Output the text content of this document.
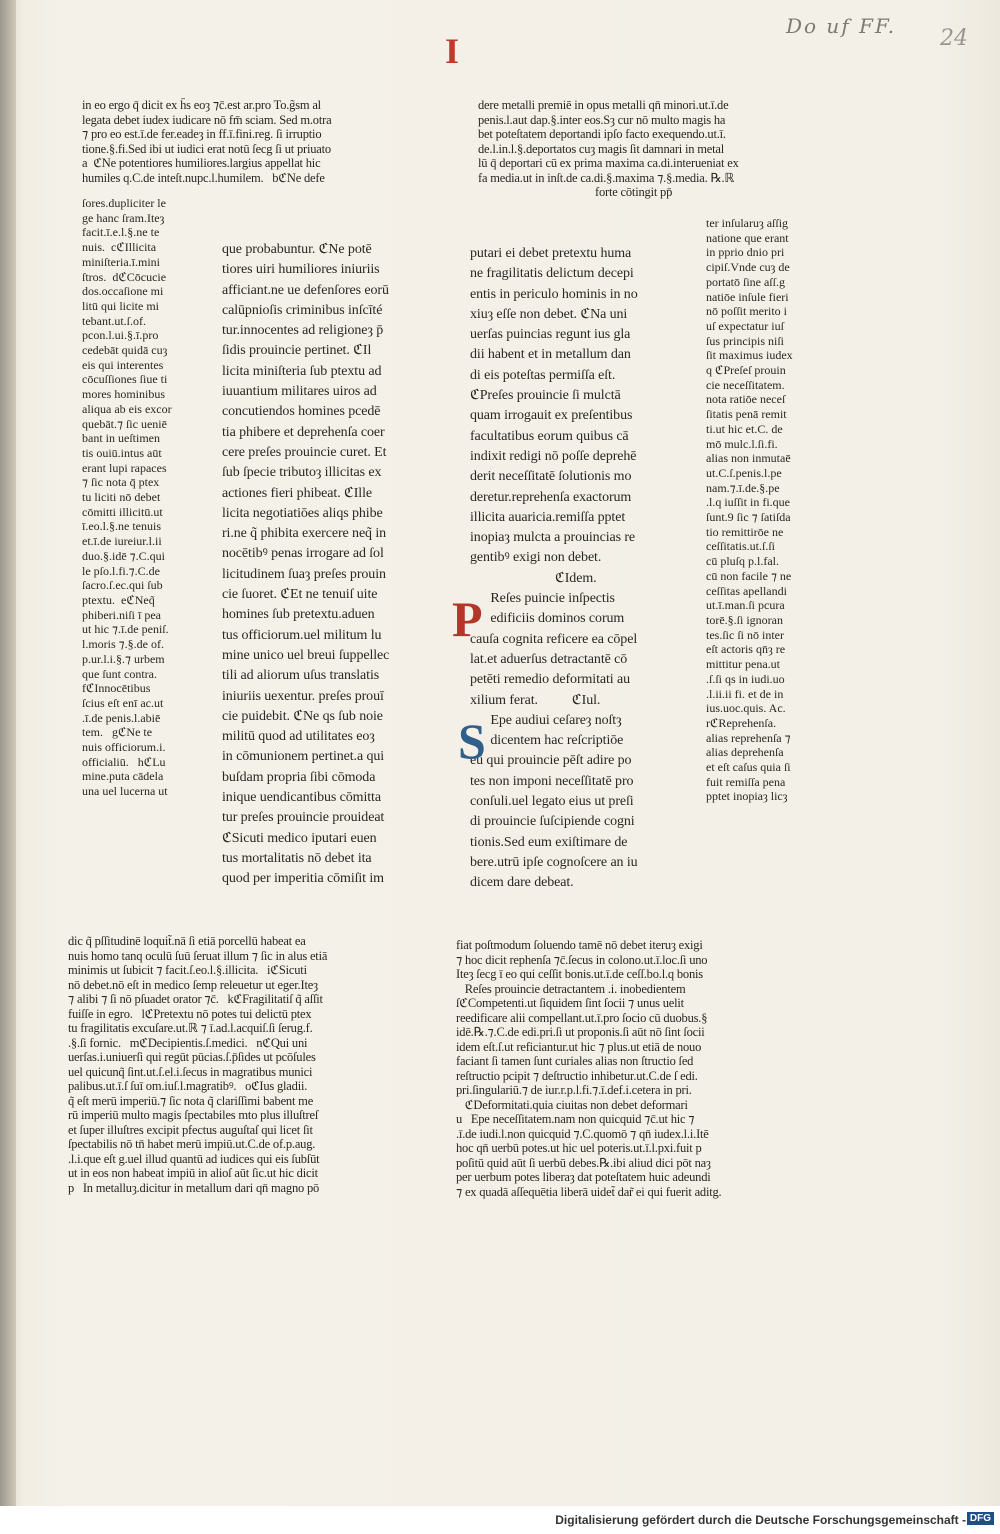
Do uf FF. 24
I
in eo ergo q̄ dicit ex h̄s eoȝ ⁊c̄.est ar.pro To.g̃sm al
legata debet iudex iudicare nō fm̄ sciam. Sed m.otra
⁊ pro eo est.ī.de fer.eadeȝ in ff.ī.fini.reg. ſi irruptio
tione.§.fi.Sed ibi ut iudici erat notū ſecg ſi ut priuato
a  ℭNe potentiores humiliores.largius appellat hic
humiles q.C.de inteſt.nupc.l.humilem.   bℭNe defe
dere metalli premiē in opus metalli qn̄ minori.ut.ī.de
penis.l.aut dap.§.inter eos.Sȝ cur nō multo magis ha
bet poteſtatem deportandi ipſo facto exequendo.ut.ī.
de.l.in.l.§.deportatos cuȝ magis ſit damnari in metal
lū q̄ deportari cū ex prima maxima ca.di.interueniat ex
fa media.ut in inſt.de ca.di.§.maxima ⁊.§.media. ℞.ℝ
forte cōtingit pp̄
ſores.dupliciter le
ge hanc ſram.Iteȝ
facit.ī.e.l.§.ne te
nuis.  cℭIllicita
miniſteria.ī.mini
ſtros.  dℭCōcucie
dos.occaſione mi
litū qui licite mi
tebant.ut.ſ.of.
pcon.l.ui.§.ī.pro
cedebāt quidā cuȝ
eis qui interentes
cōcuſſiones ſiue ti
mores hominibus
aliqua ab eis excor
quebāt.⁊ ſic ueniē
bant in ueſtimen
tis ouiū.intus aūt
erant lupi rapaces
⁊ ſic nota q̄ ptex
tu liciti nō debet
cōmitti illicitū.ut
ī.eo.l.§.ne tenuis
et.ī.de iureiur.l.ii
duo.§.idē ⁊.C.qui
le pſo.l.fi.⁊.C.de
ſacro.ſ.ec.qui ſub
ptextu.  eℭNeq̃
phiberi.niſi ī pea
ut hic ⁊.ī.de peniſ.
l.moris ⁊.§.de of.
p.ur.l.i.§.⁊ urbem
que ſunt contra.
fℭInnocētibus
ſcius eſt enī ac.ut
.ī.de penis.l.abiē
tem.   gℭNe te
nuis officiorum.i.
officialiū.   hℭLu
mine.puta cādela
una uel lucerna ut
que probabuntur. ℭNe potē
tiores uiri humiliores iniuriis
afficiant.ne ue defenſores eorū
calūpnioſis criminibus inſcīté
tur.innocentes ad religioneȝ p̄
ſidis prouincie pertinet. ℭIl
licita miniſteria ſub ptextu ad
iuuantium militares uiros ad
concutiendos homines pcedē
tia phibere et deprehenſa coer
cere preſes prouincie curet. Et
ſub ſpecie tributoȝ illicitas ex
actiones fieri phibeat. ℭIlle
licita negotiatiōes aliqs phibe
ri.ne q̃ phibita exercere neq̃ in
nocētibꝰ penas irrogare ad ſol
licitudinem ſuaȝ preſes prouin
cie ſuoret. ℭEt ne tenuiſ uite
homines ſub pretextu.aduen
tus officiorum.uel militum lu
mine unico uel breui ſuppellec
tili ad aliorum uſus translatis
iniuriis uexentur. preſes prouī
cie puidebit. ℭNe qs ſub noie
militū quod ad utilitates eoȝ
in cōmunionem pertinet.a qui
buſdam propria ſibi cōmoda
inique uendicantibus cōmitta
tur preſes prouincie prouideat
ℭSicuti medico iputari euen
tus mortalitatis nō debet ita
quod per imperitia cōmiſit im
putari ei debet pretextu huma
ne fragilitatis delictum decepi
entis in periculo hominis in no
xiuȝ eſſe non debet. ℭNa uni
uerſas puincias regunt ius gla
dii habent et in metallum dan
di eis poteſtas permiſſa eſt.
ℭPreſes prouincie ſi mulctā
quam irrogauit ex preſentibus
facultatibus eorum quibus cā
indixit redigi nō poſſe deprehē
derit neceſſitatē ſolutionis mo
deretur.reprehenſa exactorum
illicita auaricia.remiſſa pptet
inopiaȝ mulcta a prouincias re
gentibꝰ exigi non debet.
ℭIdem.
Reſes puincie inſpectis
edificiis dominos corum
cauſa cognita reficere ea cōpel
lat.et aduerſus detractantē cō
petēti remedio deformitati au
xilium ferat.          ℭIul.
Epe audiui ceſareȝ noſtȝ
dicentem hac reſcriptiōe
eū qui prouincie pēſt adire po
tes non imponi neceſſitatē pro
conſuli.uel legato eius ut preſi
di prouincie ſuſcipiende cogni
tionis.Sed eum exiſtimare de
bere.utrū ipſe cognoſcere an iu
dicem dare debeat.
ter inſularuȝ aſſig
natione que erant
in pprio dnio pri
cipiſ.Vnde cuȝ de
portatō ſine aſſ.g
natiōe inſule fieri
nō poſſit merito i
uſ expectatur iuſ
ſus principis niſi
ſit maximus iudex
q ℭPreſeſ prouin
cie neceſſitatem.
nota ratiōe neceſ
ſitatis penā remit
ti.ut hic et.C. de
mō mulc.l.ſi.fi.
alias non inmutaē
ut.C.ſ.penis.l.pe
nam.⁊.ī.de.§.pe
.l.q iuſſit in fi.que
ſunt.9 ſic ⁊ ſatiſda
tio remittirōe ne
ceſſitatis.ut.ſ.ſi
cū pluſq p.l.fal.
cū non facile ⁊ ne
ceſſitas apellandi
ut.ī.man.ſi pcura
torē.§.ſi ignoran
tes.ſic ſi nō inter
eſt actoris qn̄ȝ re
mittitur pena.ut
.ſ.ſi qs in iudi.uo
.l.ii.ii fi. et de in
ius.uoc.quis. Ac.
rℭReprehenſa.
alias reprehenſa ⁊
alias deprehenſa
et eſt caſus quia ſi
fuit remiſſa pena
pptet inopiaȝ licȝ
dic q̃ pſſitudinē loquit̃.nā ſi etiā porcellū habeat ea
nuis homo tanq oculū ſuū ſeruat illum ⁊ ſic in alus etiā
minimis ut ſubicit ⁊ facit.ſ.eo.l.§.illicita.   iℭSicuti
nō debet.nō eſt in medico ſemp releuetur ut eger.Iteȝ
⁊ alibi ⁊ ſi nō pſuadet orator ⁊c̄.   kℭFragilitatiſ q̃ aſſit
fuiſſe in egro.   lℭPretextu nō potes tui delictū ptex
tu fragilitatis excuſare.ut.ℝ ⁊ ī.ad.l.acquiſ.ſi ſerug.f.
.§.ſi fornic.   mℭDecipientis.ſ.medici.   nℭQui uni
uerſas.i.uniuerſi qui regūt pūcias.ſ.p̄ſides ut pcōſules
uel quicunq̃ ſint.ut.ſ.el.i.ſecus in magratibus munici
palibus.ut.ī.ſ ſuī om.iuſ.l.magratibꝰ.   oℭIus gladii.
q̃ eſt merū imperiū.⁊ ſic nota q̃ clariſſimi babent me
rū imperiū multo magis ſpectabiles mto plus illuſtreſ
et ſuper illuſtres excipit pfectus auguſtaſ qui licet ſit
ſpectabilis nō tn̄ habet merū impiū.ut.C.de of.p.aug.
.l.i.que eſt g.uel illud quantū ad iudices qui eis ſubſūt
ut in eos non habeat impiū in alioſ aūt ſic.ut hic dicit
p   In metalluȝ.dicitur in metallum dari qn̄ magno pō
fiat poſtmodum ſoluendo tamē nō debet iteruȝ exigi
⁊ hoc dicit rephenſa ⁊c̄.ſecus in colono.ut.ī.loc.ſi uno
Iteȝ ſecg ī eo qui ceſſit bonis.ut.ī.de ceſſ.bo.l.q bonis
Reſes prouincie detractantem .i. inobedientem
ſℭCompetenti.ut ſiquidem ſint ſocii ⁊ unus uelit
reedificare alii compellant.ut.ī.pro ſocio cū duobus.§
idē.℞.⁊.C.de edi.pri.ſi ut proponis.ſi aūt nō ſint ſocii
idem eſt.ſ.ut reficiantur.ut hic ⁊ plus.ut etiā de nouo
faciant ſi tamen ſunt curiales alias non ſtructio ſed
reſtructio pcipit ⁊ deſtructio inhibetur.ut.C.de ſ edi.
pri.ſingulariū.⁊ de iur.r.p.l.fi.⁊.ī.def.i.cetera in pri.
ℭDeformitati.quia ciuitas non debet deformari
u   Epe neceſſitatem.nam non quicquid ⁊c̄.ut hic ⁊
.ī.de iudi.l.non quicquid ⁊.C.quomō ⁊ qn̄ iudex.l.i.Itē
hoc qn̄ uerbū potes.ut hic uel poteris.ut.ī.l.pxi.fuit p
poſitū quid aūt ſi uerbū debes.℞.ibi aliud dici pōt naȝ
per uerbum potes liberaȝ dat poteſtatem huic adeundi
⁊ ex quadā aſſequētia liberā uidet̃ dar̃ ei qui fuerit aditg.
P
S
Digitalisierung gefördert durch die Deutsche Forschungsgemeinschaft - DFG
